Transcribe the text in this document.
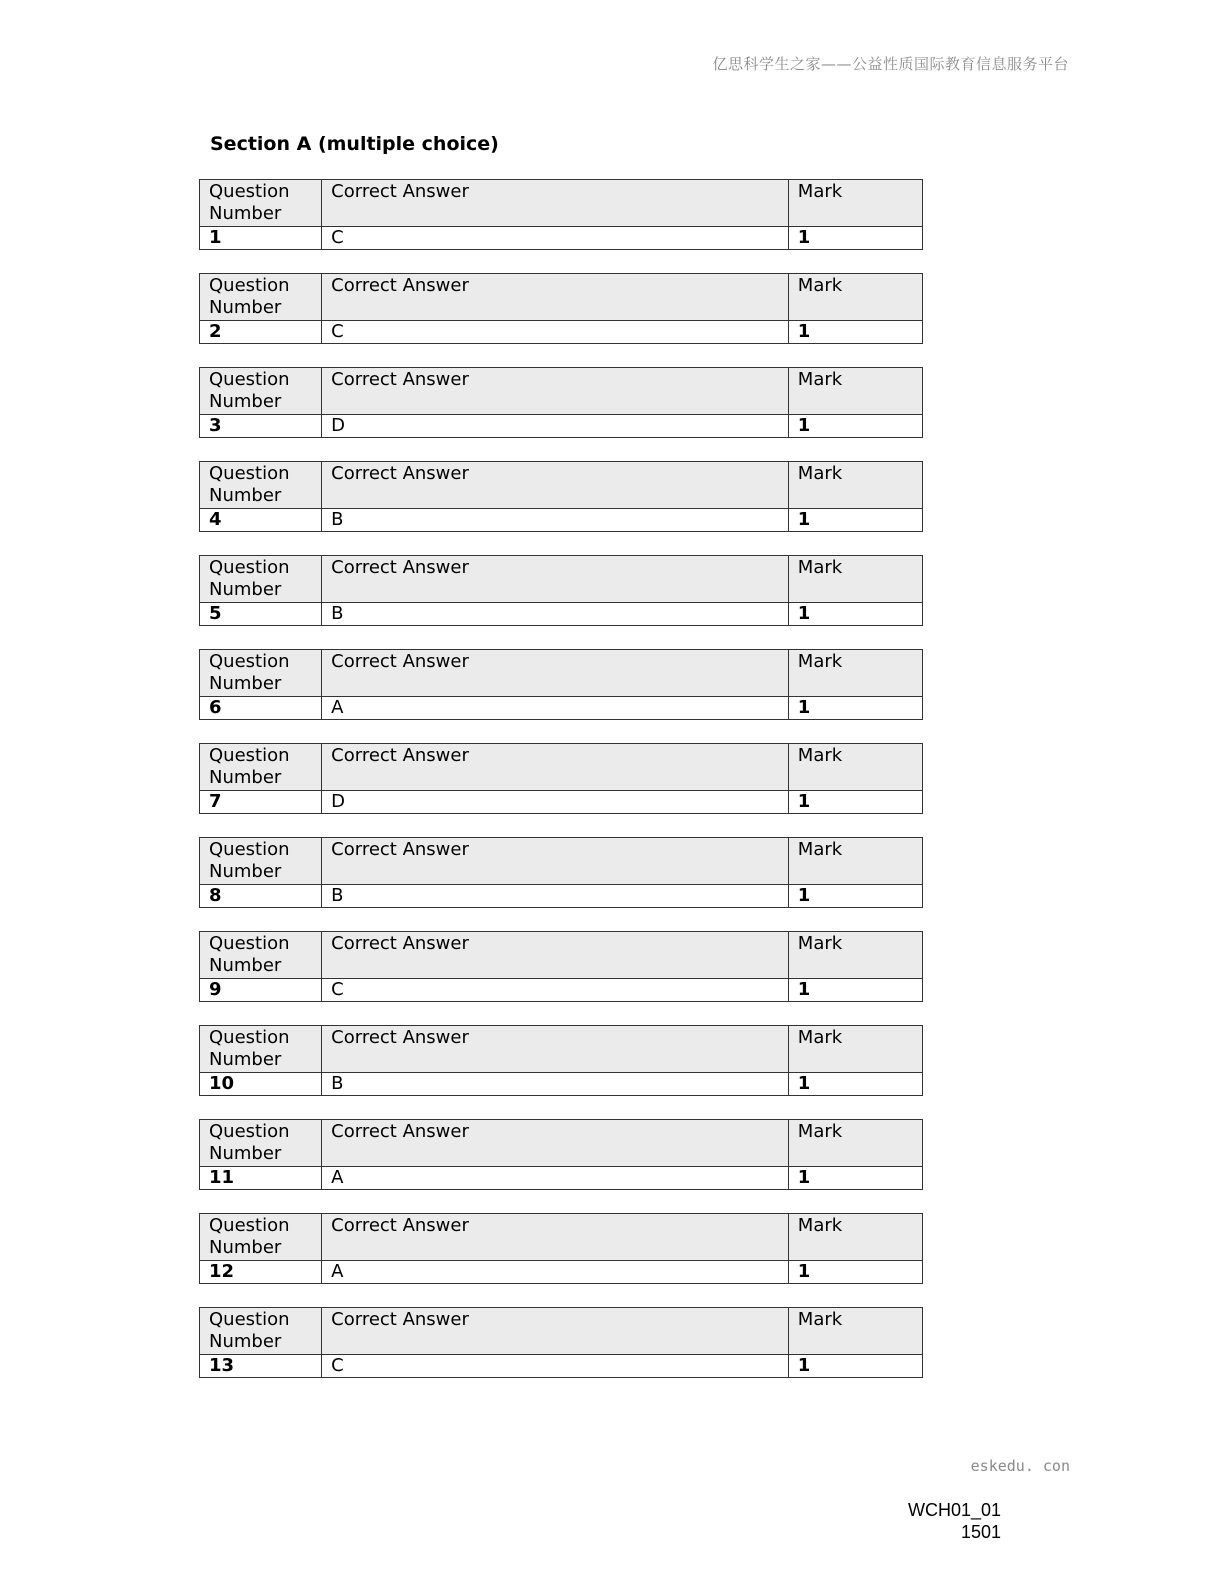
亿思科学生之家——公益性质国际教育信息服务平台
Section A (multiple choice)
Question Number	Correct Answer	Mark
1	C	1
Question Number	Correct Answer	Mark
2	C	1
Question Number	Correct Answer	Mark
3	D	1
Question Number	Correct Answer	Mark
4	B	1
Question Number	Correct Answer	Mark
5	B	1
Question Number	Correct Answer	Mark
6	A	1
Question Number	Correct Answer	Mark
7	D	1
Question Number	Correct Answer	Mark
8	B	1
Question Number	Correct Answer	Mark
9	C	1
Question Number	Correct Answer	Mark
10	B	1
Question Number	Correct Answer	Mark
11	A	1
Question Number	Correct Answer	Mark
12	A	1
Question Number	Correct Answer	Mark
13	C	1
eskedu. con
WCH01_01
1501
